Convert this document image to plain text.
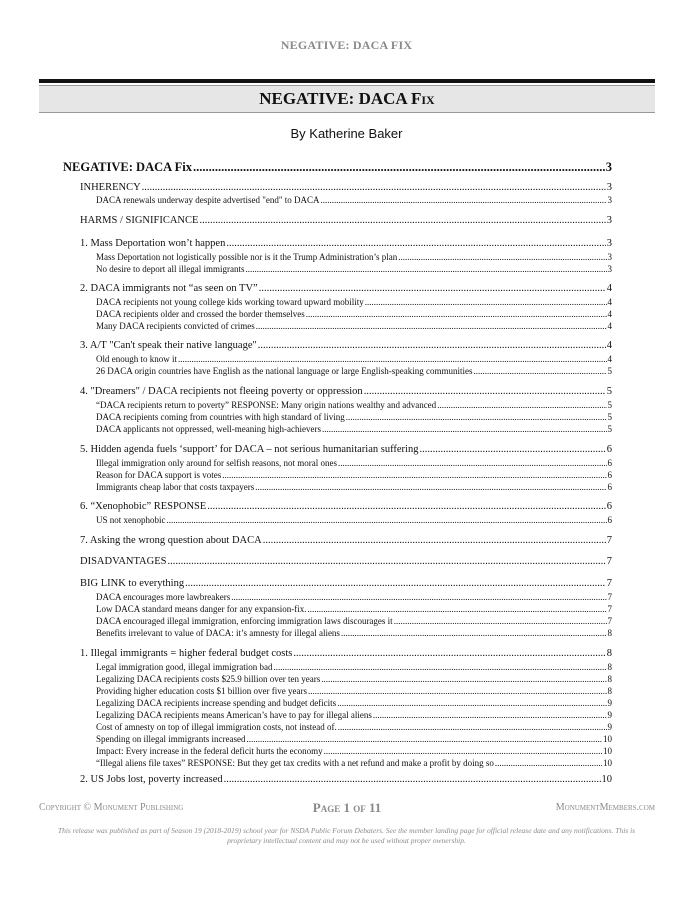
NEGATIVE: DACA FIX
NEGATIVE: DACA Fix
By Katherine Baker
NEGATIVE: DACA Fix .....	3
INHERENCY .....	3
DACA renewals underway despite advertised "end" to DACA .....	3
HARMS / SIGNIFICANCE .....	3
1. Mass Deportation won’t happen .....	3
Mass Deportation not logistically possible nor is it the Trump Administration’s plan .....	3
No desire to deport all illegal immigrants .....	3
2. DACA immigrants not “as seen on TV” .....	4
DACA recipients not young college kids working toward upward mobility .....	4
DACA recipients older and crossed the border themselves .....	4
Many DACA recipients convicted of crimes .....	4
3. A/T "Can't speak their native language" .....	4
Old enough to know it .....	4
26 DACA origin countries have English as the national language or large English-speaking communities .....	5
4. "Dreamers" / DACA recipients not fleeing poverty or oppression .....	5
“DACA recipients return to poverty” RESPONSE: Many origin nations wealthy and advanced .....	5
DACA recipients coming from countries with high standard of living .....	5
DACA applicants not oppressed, well-meaning high-achievers .....	5
5. Hidden agenda fuels ‘support’ for DACA – not serious humanitarian suffering .....	6
Illegal immigration only around for selfish reasons, not moral ones .....	6
Reason for DACA support is votes .....	6
Immigrants cheap labor that costs taxpayers .....	6
6. “Xenophobic” RESPONSE .....	6
US not xenophobic .....	6
7. Asking the wrong question about DACA .....	7
DISADVANTAGES .....	7
BIG LINK to everything .....	7
DACA encourages more lawbreakers .....	7
Low DACA standard means danger for any expansion-fix. .....	7
DACA encouraged illegal immigration, enforcing immigration laws discourages it .....	7
Benefits irrelevant to value of DACA: it’s amnesty for illegal aliens .....	8
1. Illegal immigrants = higher federal budget costs .....	8
Legal immigration good, illegal immigration bad .....	8
Legalizing DACA recipients costs $25.9 billion over ten years .....	8
Providing higher education costs $1 billion over five years .....	8
Legalizing DACA recipients increase spending and budget deficits .....	9
Legalizing DACA recipients means American’s have to pay for illegal aliens .....	9
Cost of amnesty on top of illegal immigration costs, not instead of. .....	9
Spending on illegal immigrants increased .....	10
Impact: Every increase in the federal deficit hurts the economy .....	10
“Illegal aliens file taxes” RESPONSE: But they get tax credits with a net refund and make a profit by doing so .....	10
2. US Jobs lost, poverty increased .....	10
Copyright © Monument Publishing	Page 1 of 11	MonumentMembers.com
This release was published as part of Season 19 (2018-2019) school year for NSDA Public Forum Debaters. See the member landing page for official release date and any notifications. This is proprietary intellectual content and may not be used without proper ownership.
